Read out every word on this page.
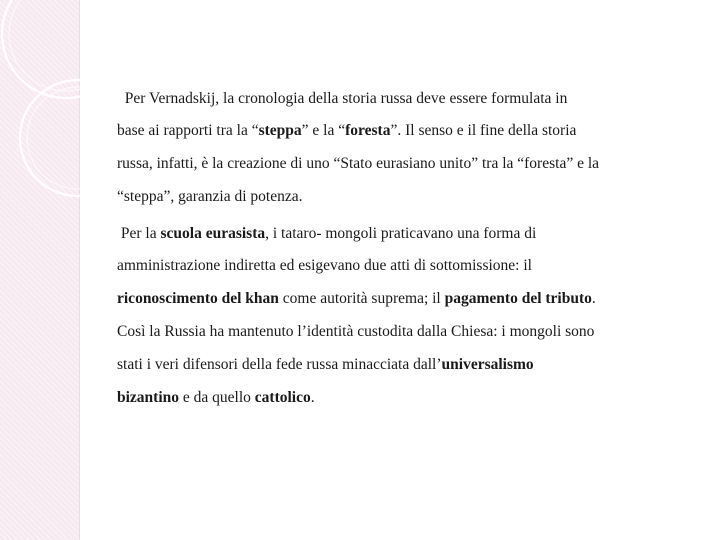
Per Vernadskij, la cronologia della storia russa deve essere formulata in
base ai rapporti tra la “steppa” e la “foresta”. Il senso e il fine della storia
russa, infatti, è la creazione di uno “Stato eurasiano unito” tra la “foresta” e la
“steppa”, garanzia di potenza.
Per la scuola eurasista, i tataro- mongoli praticavano una forma di
amministrazione indiretta ed esigevano due atti di sottomissione: il
riconoscimento del khan come autorità suprema; il pagamento del tributo.
Così la Russia ha mantenuto l’identità custodita dalla Chiesa: i mongoli sono
stati i veri difensori della fede russa minacciata dall’universalismo
bizantino e da quello cattolico.
